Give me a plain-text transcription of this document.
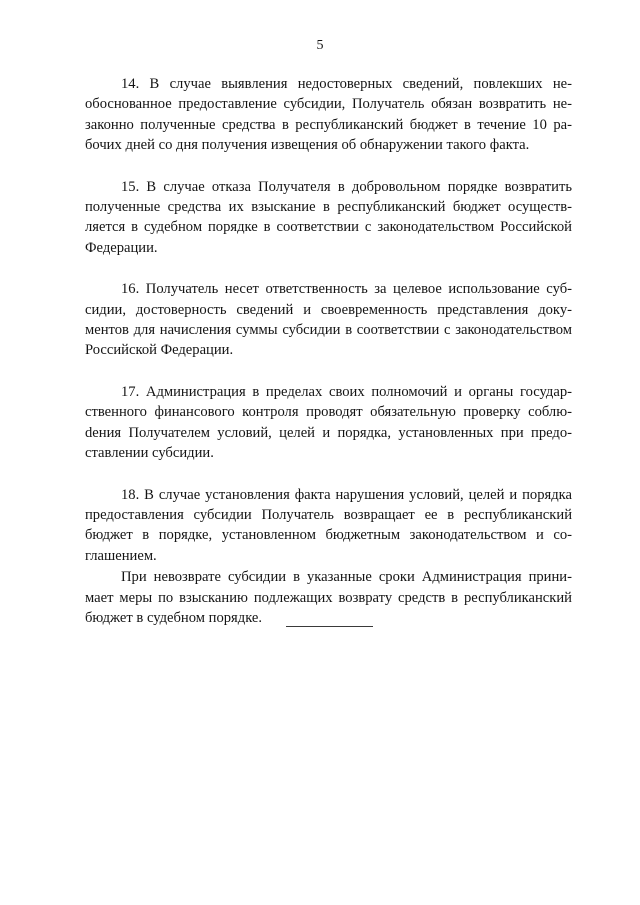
5

14. В случае выявления недостоверных сведений, повлекших необоснованное предоставление субсидии, Получатель обязан возвратить незаконно полученные средства в республиканский бюджет в течение 10 рабочих дней со дня получения извещения об обнаружении такого факта.

15. В случае отказа Получателя в добровольном порядке возвратить полученные средства их взыскание в республиканский бюджет осуществляется в судебном порядке в соответствии с законодательством Российской Федерации.

16. Получатель несет ответственность за целевое использование субсидии, достоверность сведений и своевременность представления документов для начисления суммы субсидии в соответствии с законодательством Российской Федерации.

17. Администрация в пределах своих полномочий и органы государственного финансового контроля проводят обязательную проверку соблюdения Получателем условий, целей и порядка, установленных при предоставлении субсидии.

18. В случае установления факта нарушения условий, целей и порядка предоставления субсидии Получатель возвращает ее в республиканский бюджет в порядке, установленном бюджетным законодательством и соглашением.

При невозврате субсидии в указанные сроки Администрация принимает меры по взысканию подлежащих возврату средств в республиканский бюджет в судебном порядке.
